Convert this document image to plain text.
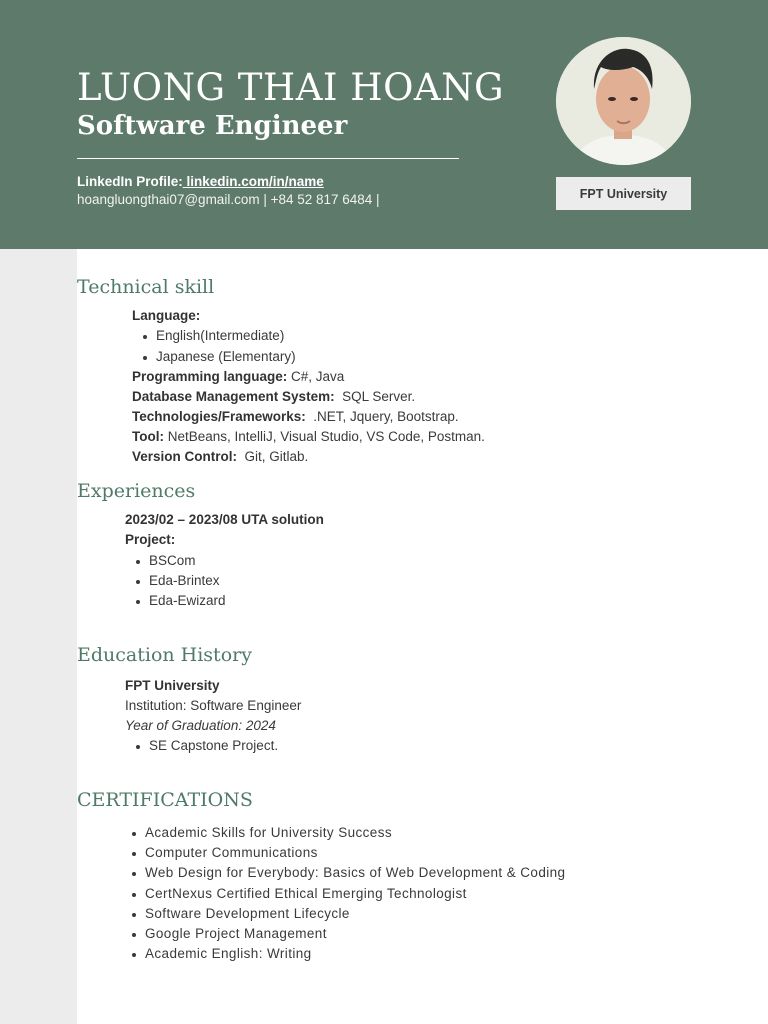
LUONG THAI HOANG
Software Engineer
LinkedIn Profile: linkedin.com/in/name
hoangluongthai07@gmail.com | +84 52 817 6484 |	FPT University
Technical skill
Language:
English(Intermediate)
Japanese (Elementary)
Programming language: C#, Java
Database Management System:  SQL Server.
Technologies/Frameworks:  .NET, Jquery, Bootstrap.
Tool: NetBeans, IntelliJ, Visual Studio, VS Code, Postman.
Version Control:  Git, Gitlab.
Experiences
2023/02 – 2023/08 UTA solution
Project:
BSCom
Eda-Brintex
Eda-Ewizard
Education History
FPT University
Institution: Software Engineer
Year of Graduation: 2024
SE Capstone Project.
CERTIFICATIONS
Academic Skills for University Success
Computer Communications
Web Design for Everybody: Basics of Web Development & Coding
CertNexus Certified Ethical Emerging Technologist
Software Development Lifecycle
Google Project Management
Academic English: Writing
